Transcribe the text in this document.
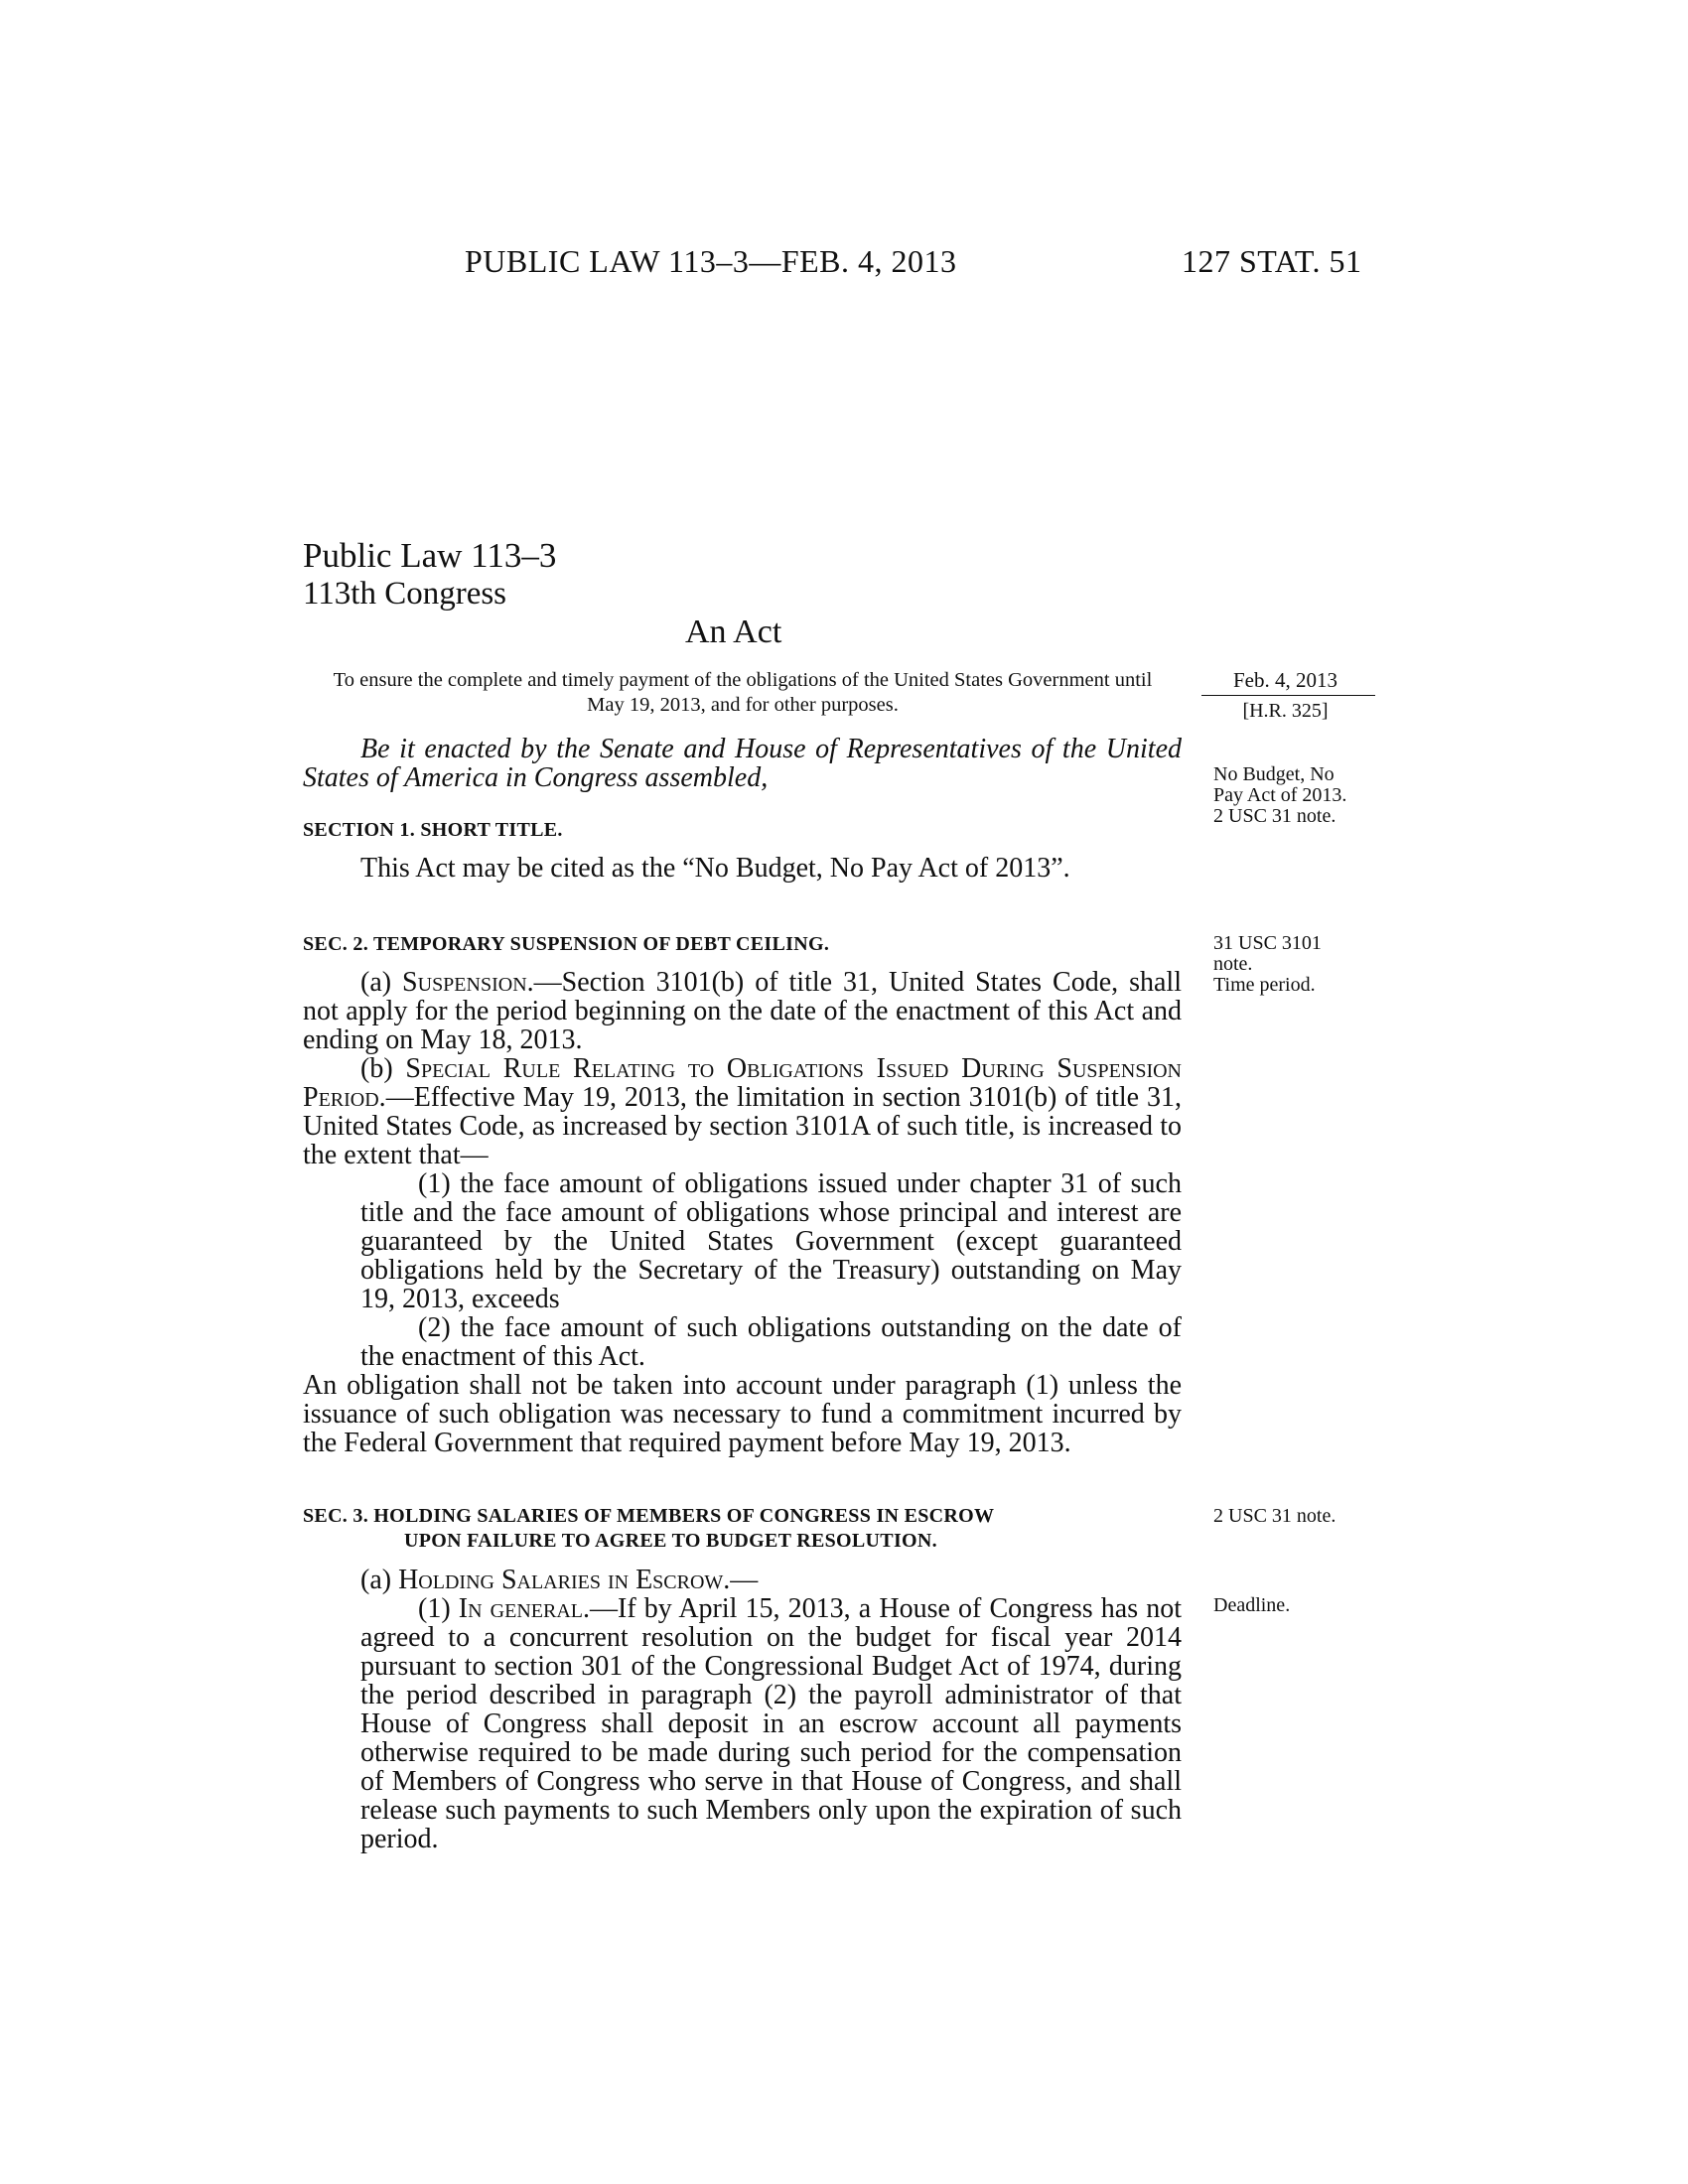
PUBLIC LAW 113–3—FEB. 4, 2013	127 STAT. 51
Public Law 113–3
113th Congress
An Act
To ensure the complete and timely payment of the obligations of the United States Government until May 19, 2013, and for other purposes.
Feb. 4, 2013
[H.R. 325]
Be it enacted by the Senate and House of Representatives of the United States of America in Congress assembled,	No Budget, No
Pay Act of 2013.
2 USC 31 note.
SECTION 1. SHORT TITLE.

This Act may be cited as the “No Budget, No Pay Act of 2013”.

SEC. 2. TEMPORARY SUSPENSION OF DEBT CEILING.	31 USC 3101
note.
Time period.

(a) Suspension.—Section 3101(b) of title 31, United States Code, shall not apply for the period beginning on the date of the enactment of this Act and ending on May 18, 2013.

(b) Special Rule Relating to Obligations Issued During Suspension Period.—Effective May 19, 2013, the limitation in section 3101(b) of title 31, United States Code, as increased by section 3101A of such title, is increased to the extent that—

(1) the face amount of obligations issued under chapter 31 of such title and the face amount of obligations whose principal and interest are guaranteed by the United States Government (except guaranteed obligations held by the Secretary of the Treasury) outstanding on May 19, 2013, exceeds

(2) the face amount of such obligations outstanding on the date of the enactment of this Act.

An obligation shall not be taken into account under paragraph (1) unless the issuance of such obligation was necessary to fund a commitment incurred by the Federal Government that required payment before May 19, 2013.

SEC. 3. HOLDING SALARIES OF MEMBERS OF CONGRESS IN ESCROW
UPON FAILURE TO AGREE TO BUDGET RESOLUTION.
2 USC 31 note.
Deadline.

(a) Holding Salaries in Escrow.—

(1) In general.—If by April 15, 2013, a House of Congress has not agreed to a concurrent resolution on the budget for fiscal year 2014 pursuant to section 301 of the Congressional Budget Act of 1974, during the period described in paragraph (2) the payroll administrator of that House of Congress shall deposit in an escrow account all payments otherwise required to be made during such period for the compensation of Members of Congress who serve in that House of Congress, and shall release such payments to such Members only upon the expiration of such period.
